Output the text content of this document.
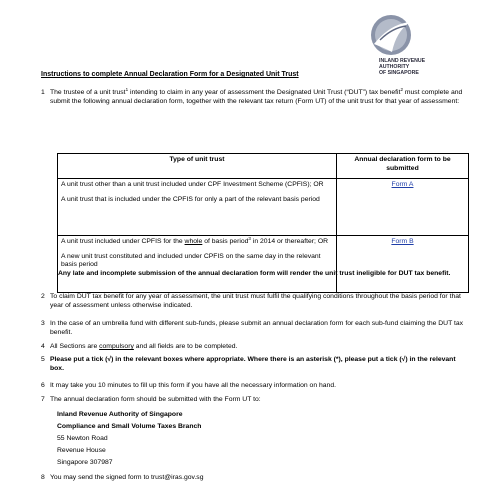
INLAND REVENUE
AUTHORITY
OF SINGAPORE
Instructions to complete Annual Declaration Form for a Designated Unit Trust
1 The trustee of a unit trust$^1$ intending to claim in any year of assessment the Designated Unit Trust (“DUT”) tax benefit$^2$ must complete and submit the following annual declaration form, together with the relevant tax return (Form UT) of the unit trust for that year of assessment:
Type of unit trust	Annual declaration form to be submitted

A unit trust other than a unit trust included under CPF Investment Scheme (CPFIS); OR
A unit trust that is included under the CPFIS for only a part of the relevant basis period	Form A

A unit trust included under CPFIS for the whole of basis period$^3$ in 2014 or thereafter; OR
A new unit trust constituted and included under CPFIS on the same day in the relevant basis period	Form B
Any late and incomplete submission of the annual declaration form will render the unit trust ineligible for DUT tax benefit.
2 To claim DUT tax benefit for any year of assessment, the unit trust must fulfil the qualifying conditions throughout the basis period for that year of assessment unless otherwise indicated.
3 In the case of an umbrella fund with different sub-funds, please submit an annual declaration form for each sub-fund claiming the DUT tax benefit.
4 All Sections are compulsory and all fields are to be completed.
5 Please put a tick (√) in the relevant boxes where appropriate. Where there is an asterisk (*), please put a tick (√) in the relevant box.
6 It may take you 10 minutes to fill up this form if you have all the necessary information on hand.
7 The annual declaration form should be submitted with the Form UT to:
Inland Revenue Authority of Singapore
Compliance and Small Volume Taxes Branch
55 Newton Road
Revenue House
Singapore 307987
8 You may send the signed form to trust@iras.gov.sg
